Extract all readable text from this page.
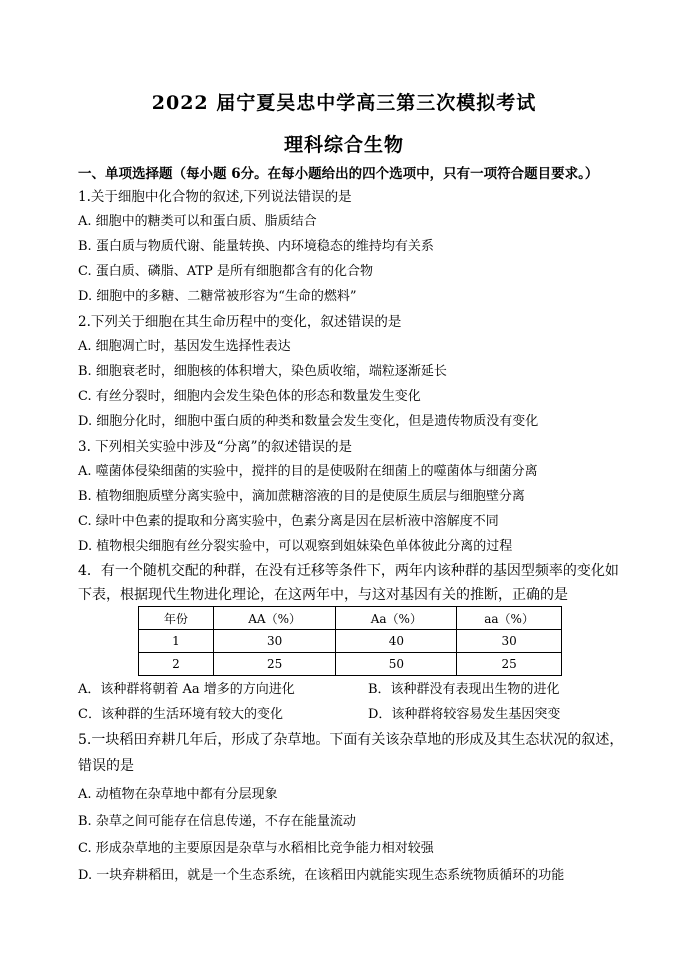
2022 届宁夏吴忠中学高三第三次模拟考试
理科综合生物
一、单项选择题（每小题 6分。在每小题给出的四个选项中，只有一项符合题目要求。）
1.关于细胞中化合物的叙述,下列说法错误的是
A. 细胞中的糖类可以和蛋白质、脂质结合
B. 蛋白质与物质代谢、能量转换、内环境稳态的维持均有关系
C. 蛋白质、磷脂、ATP 是所有细胞都含有的化合物
D. 细胞中的多糖、二糖常被形容为“生命的燃料”
2.下列关于细胞在其生命历程中的变化，叙述错误的是
A. 细胞凋亡时，基因发生选择性表达
B. 细胞衰老时，细胞核的体积增大，染色质收缩，端粒逐渐延长
C. 有丝分裂时，细胞内会发生染色体的形态和数量发生变化
D. 细胞分化时，细胞中蛋白质的种类和数量会发生变化，但是遗传物质没有变化
3. 下列相关实验中涉及“分离”的叙述错误的是
A. 噬菌体侵染细菌的实验中，搅拌的目的是使吸附在细菌上的噬菌体与细菌分离
B. 植物细胞质壁分离实验中，滴加蔗糖溶液的目的是使原生质层与细胞壁分离
C. 绿叶中色素的提取和分离实验中，色素分离是因在层析液中溶解度不同
D. 植物根尖细胞有丝分裂实验中，可以观察到姐妹染色单体彼此分离的过程
4．有一个随机交配的种群，在没有迁移等条件下，两年内该种群的基因型频率的变化如
下表，根据现代生物进化理论，在这两年中，与这对基因有关的推断，正确的是
年份	AA（%）	Aa（%）	aa（%）
1	30	40	30
2	25	50	25
A．该种群将朝着 Aa 增多的方向进化	B．该种群没有表现出生物的进化
C．该种群的生活环境有较大的变化	D．该种群将较容易发生基因突变
5.一块稻田弃耕几年后，形成了杂草地。下面有关该杂草地的形成及其生态状况的叙述，
错误的是
A. 动植物在杂草地中都有分层现象
B. 杂草之间可能存在信息传递，不存在能量流动
C. 形成杂草地的主要原因是杂草与水稻相比竞争能力相对较强
D. 一块弃耕稻田，就是一个生态系统，在该稻田内就能实现生态系统物质循环的功能
